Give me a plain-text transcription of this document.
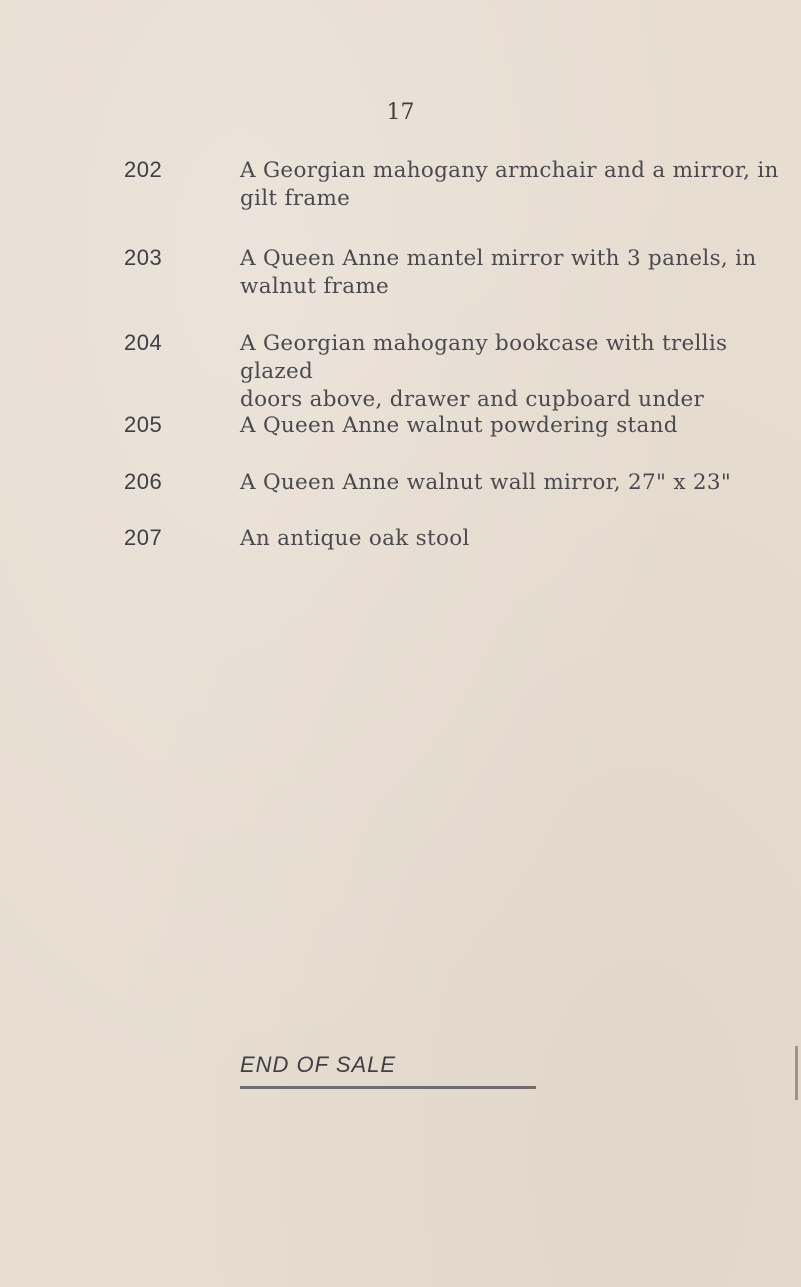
17
202	A Georgian mahogany armchair and a mirror, in
gilt frame
203	A Queen Anne mantel mirror with 3 panels, in
walnut frame
204	A Georgian mahogany bookcase with trellis glazed
doors above, drawer and cupboard under
205	A Queen Anne walnut powdering stand
206	A Queen Anne walnut wall mirror, 27" x 23"
207	An antique oak stool
END OF SALE
